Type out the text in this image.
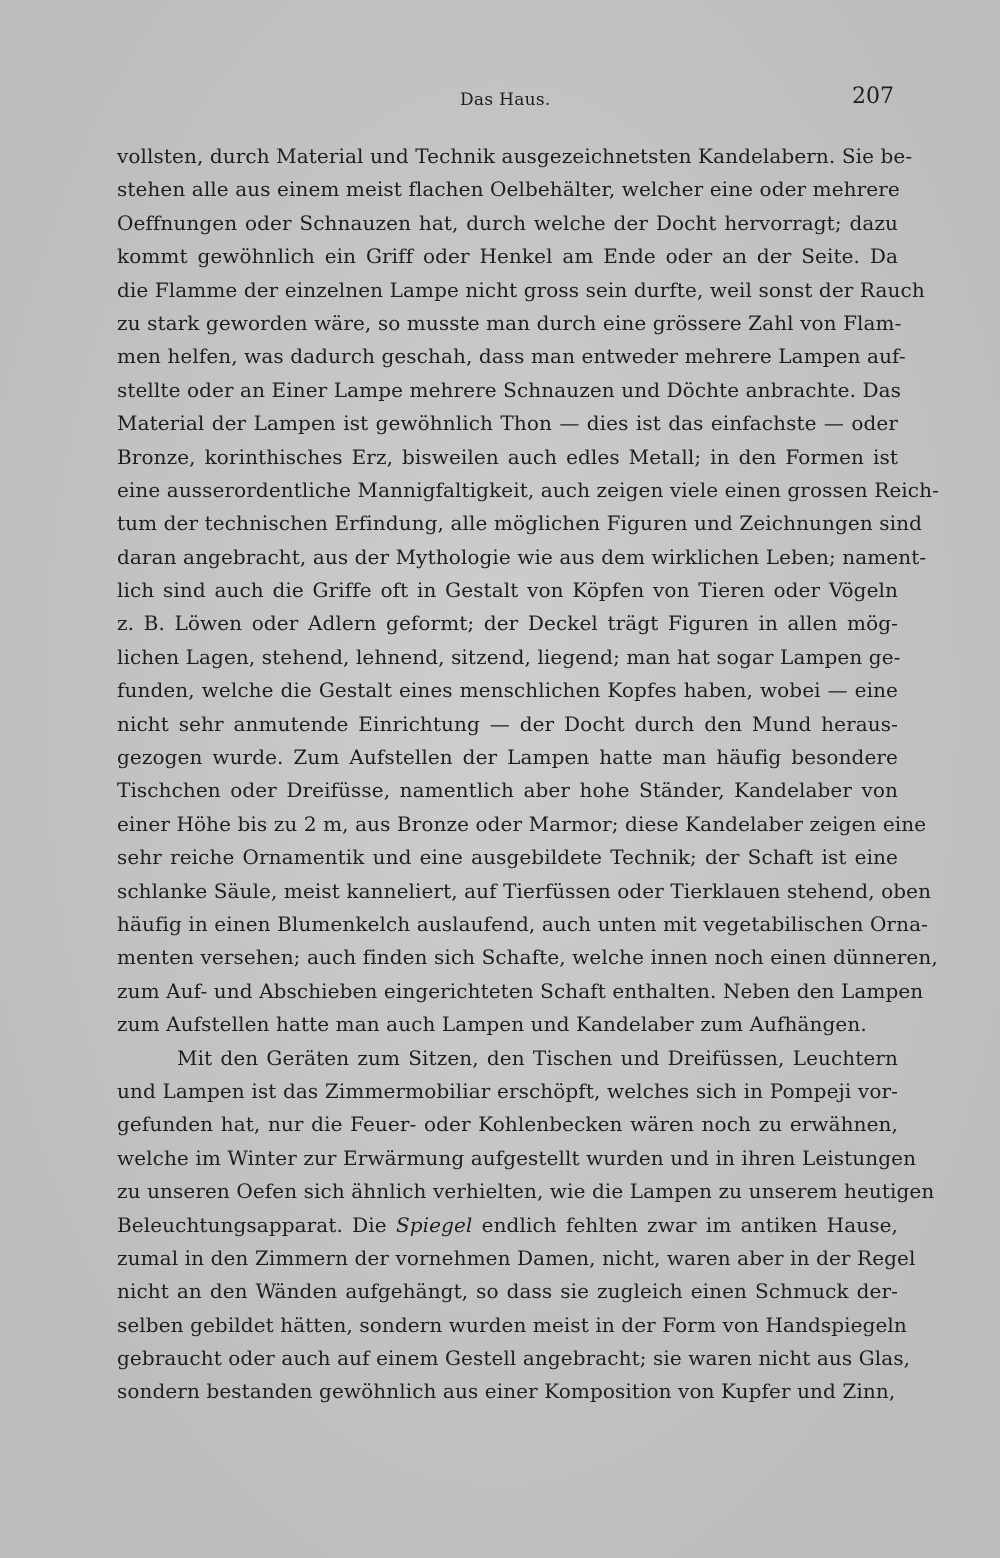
Das Haus.	207
vollsten, durch Material und Technik ausgezeichnetsten Kandelabern. Sie be-
stehen alle aus einem meist flachen Oelbehälter, welcher eine oder mehrere
Oeffnungen oder Schnauzen hat, durch welche der Docht hervorragt; dazu
kommt gewöhnlich ein Griff oder Henkel am Ende oder an der Seite. Da
die Flamme der einzelnen Lampe nicht gross sein durfte, weil sonst der Rauch
zu stark geworden wäre, so musste man durch eine grössere Zahl von Flam-
men helfen, was dadurch geschah, dass man entweder mehrere Lampen auf-
stellte oder an Einer Lampe mehrere Schnauzen und Döchte anbrachte. Das
Material der Lampen ist gewöhnlich Thon — dies ist das einfachste — oder
Bronze, korinthisches Erz, bisweilen auch edles Metall; in den Formen ist
eine ausserordentliche Mannigfaltigkeit, auch zeigen viele einen grossen Reich-
tum der technischen Erfindung, alle möglichen Figuren und Zeichnungen sind
daran angebracht, aus der Mythologie wie aus dem wirklichen Leben; nament-
lich sind auch die Griffe oft in Gestalt von Köpfen von Tieren oder Vögeln
z. B. Löwen oder Adlern geformt; der Deckel trägt Figuren in allen mög-
lichen Lagen, stehend, lehnend, sitzend, liegend; man hat sogar Lampen ge-
funden, welche die Gestalt eines menschlichen Kopfes haben, wobei — eine
nicht sehr anmutende Einrichtung — der Docht durch den Mund heraus-
gezogen wurde. Zum Aufstellen der Lampen hatte man häufig besondere
Tischchen oder Dreifüsse, namentlich aber hohe Ständer, Kandelaber von
einer Höhe bis zu 2 m, aus Bronze oder Marmor; diese Kandelaber zeigen eine
sehr reiche Ornamentik und eine ausgebildete Technik; der Schaft ist eine
schlanke Säule, meist kanneliert, auf Tierfüssen oder Tierklauen stehend, oben
häufig in einen Blumenkelch auslaufend, auch unten mit vegetabilischen Orna-
menten versehen; auch finden sich Schafte, welche innen noch einen dünneren,
zum Auf- und Abschieben eingerichteten Schaft enthalten. Neben den Lampen
zum Aufstellen hatte man auch Lampen und Kandelaber zum Aufhängen.
Mit den Geräten zum Sitzen, den Tischen und Dreifüssen, Leuchtern
und Lampen ist das Zimmermobiliar erschöpft, welches sich in Pompeji vor-
gefunden hat, nur die Feuer- oder Kohlenbecken wären noch zu erwähnen,
welche im Winter zur Erwärmung aufgestellt wurden und in ihren Leistungen
zu unseren Oefen sich ähnlich verhielten, wie die Lampen zu unserem heutigen
Beleuchtungsapparat. Die Spiegel endlich fehlten zwar im antiken Hause,
zumal in den Zimmern der vornehmen Damen, nicht, waren aber in der Regel
nicht an den Wänden aufgehängt, so dass sie zugleich einen Schmuck der-
selben gebildet hätten, sondern wurden meist in der Form von Handspiegeln
gebraucht oder auch auf einem Gestell angebracht; sie waren nicht aus Glas,
sondern bestanden gewöhnlich aus einer Komposition von Kupfer und Zinn,
